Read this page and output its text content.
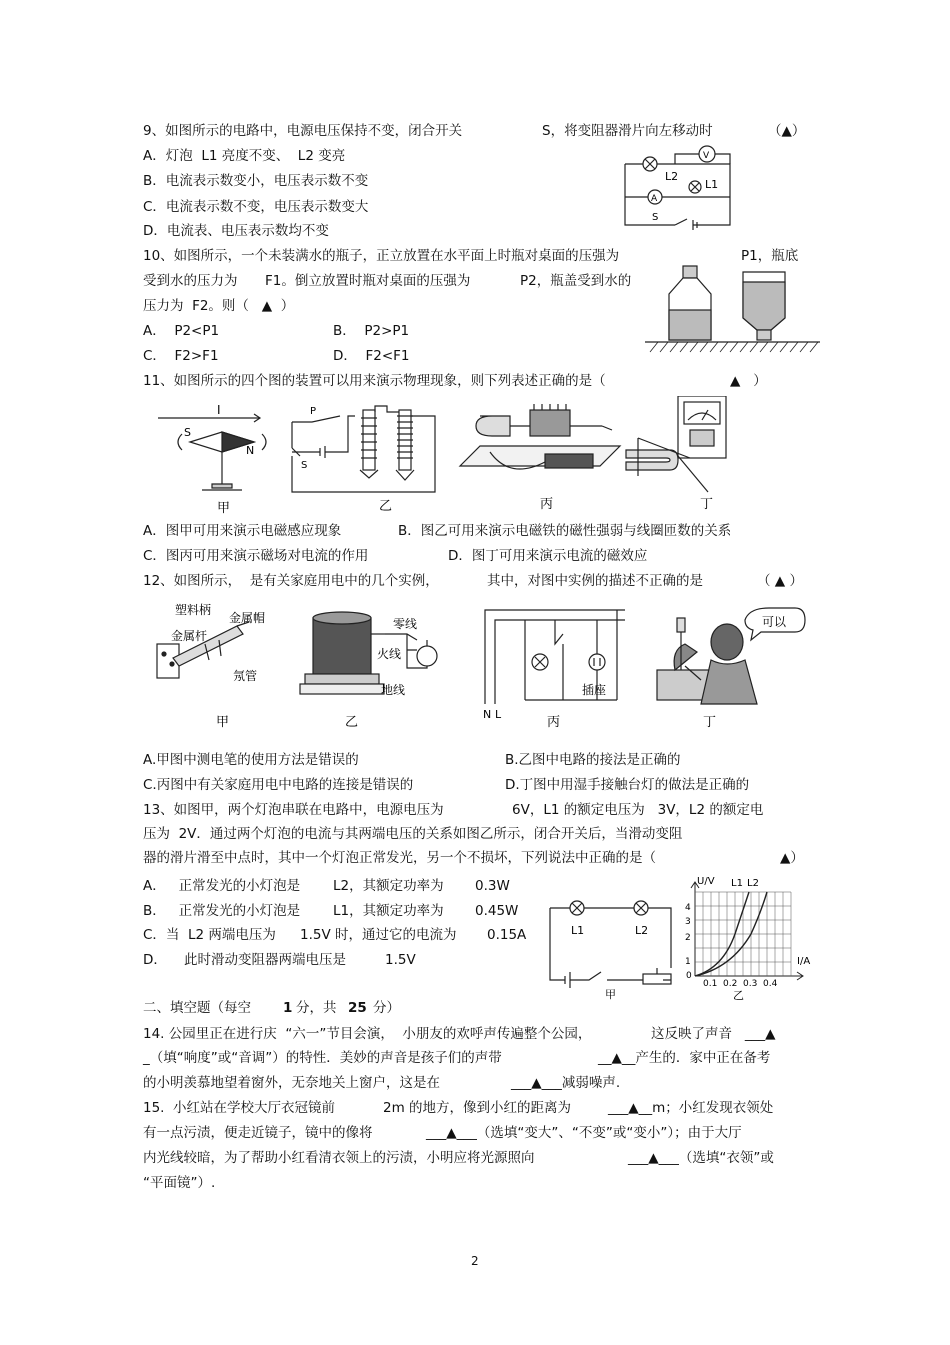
9、如图所示的电路中，电源电压保持不变，闭合开关	S，将变阻器滑片向左移动时	（▲）
A．灯泡  L1 亮度不变、  L2 变亮
B．电流表示数变小，电压表示数不变
C．电流表示数不变，电压表示数变大
D．电流表、电压表示数均不变
V
A
L2
L1
S
10、如图所示，一个未装满水的瓶子，正立放置在水平面上时瓶对桌面的压强为	P1，瓶底
受到水的压力为 F1。倒立放置时瓶对桌面的压强为	P2，瓶盖受到水的
压力为  F2。则（   ▲  ）
A．  P2<P1	B．  P2>P1
C．  F2>F1	D．  F2<F1
11、如图所示的四个图的装置可以用来演示物理现象，则下列表述正确的是（	▲   ）
I
S
N
甲
P
S
乙	丙	丁
A．图甲可用来演示电磁感应现象	B．图乙可用来演示电磁铁的磁性强弱与线圈匝数的关系
C．图丙可用来演示磁场对电流的作用	D．图丁可用来演示电流的磁效应
12、如图所示，  是有关家庭用电中的几个实例，	其中，对图中实例的描述不正确的是	（ ▲ ）
塑料柄
金属帽
金属杆
氖管
甲
零线
火线
地线
乙
N L
插座
丙
可以
丁
A.甲图中测电笔的使用方法是错误的	B.乙图中电路的接法是正确的
C.丙图中有关家庭用电中电路的连接是错误的	D.丁图中用湿手接触台灯的做法是正确的
13、如图甲，两个灯泡串联在电路中，电源电压为	6V，L1 的额定电压为   3V，L2 的额定电
压为  2V．通过两个灯泡的电流与其两端电压的关系如图乙所示，闭合开关后，当滑动变阻
器的滑片滑至中点时，其中一个灯泡正常发光，另一个不损坏，下列说法中正确的是（	▲）
A．   正常发光的小灯泡是 L2，其额定功率为 0.3W
B．   正常发光的小灯泡是 L1，其额定功率为 0.45W
C．当  L2 两端电压为 1.5V 时，通过它的电流为 0.15A
D．    此时滑动变阻器两端电压是	1.5V
L1	L2
甲
U/V L1 L2
I/A
1
2
3
4
0
0.1 0.2 0.3 0.4
乙
二、填空题（每空 1 分，共 25 分）
14. 公园里正在进行庆  “六一”节目会演，  小朋友的欢呼声传遍整个公园，	这反映了声音   ___▲
_（填“响度”或“音调”）的特性．美妙的声音是孩子们的声带	__▲__产生的．家中正在备考
的小明羡慕地望着窗外，无奈地关上窗户，这是在	___▲___减弱噪声.
15.  小红站在学校大厅衣冠镜前	2m 的地方，像到小红的距离为	___▲__m；小红发现衣领处
有一点污渍，便走近镜子，镜中的像将	___▲___（选填“变大”、“不变”或“变小”）；由于大厅
内光线较暗，为了帮助小红看清衣领上的污渍，小明应将光源照向	___▲___（选填“衣领”或
“平面镜”）.
2
